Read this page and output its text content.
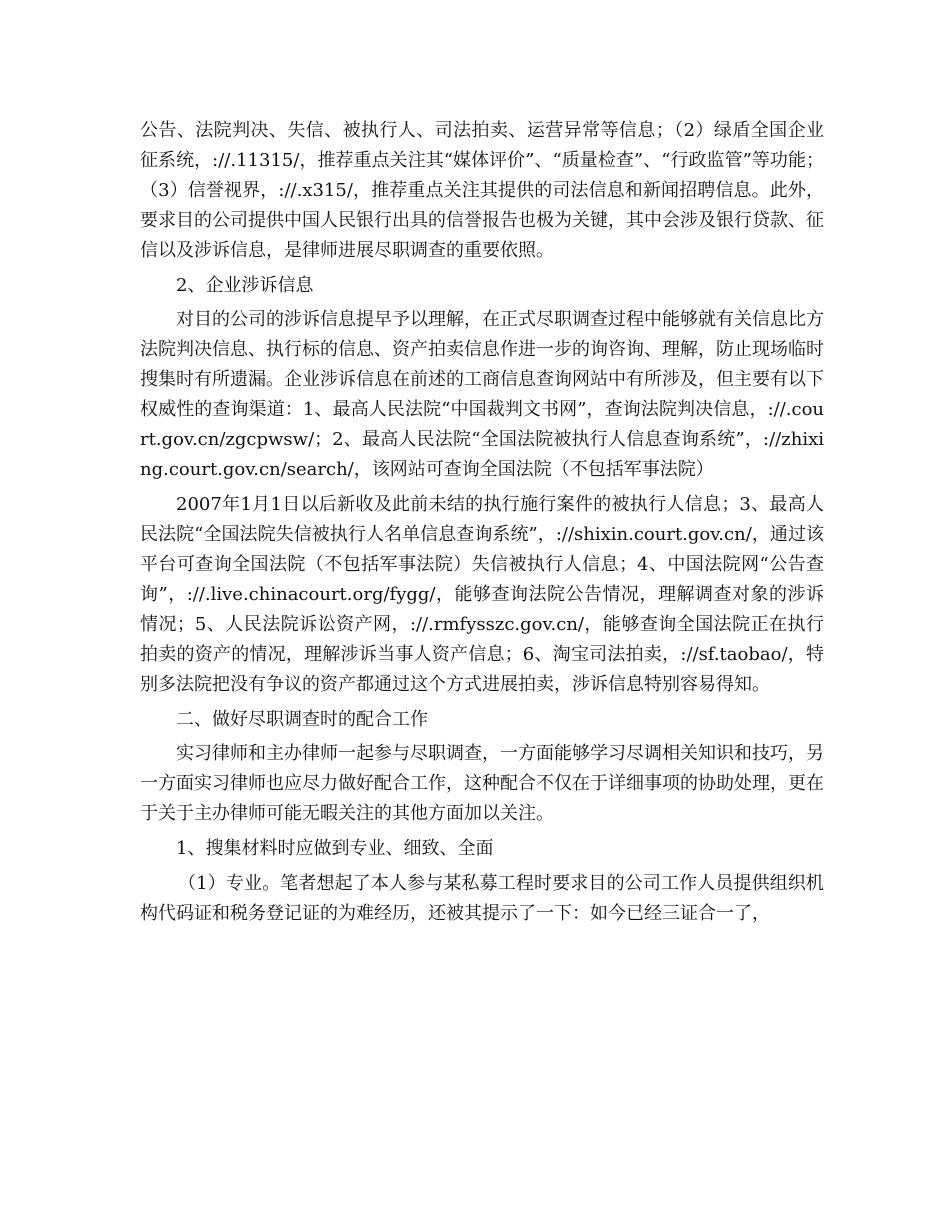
公告、法院判决、失信、被执行人、司法拍卖、运营异常等信息；（2）绿盾全国企业征系统，://.11315/，推荐重点关注其“媒体评价”、“质量检查”、“行政监管”等功能；（3）信誉视界，://.x315/，推荐重点关注其提供的司法信息和新闻招聘信息。此外，要求目的公司提供中国人民银行出具的信誉报告也极为关键，其中会涉及银行贷款、征信以及涉诉信息，是律师进展尽职调查的重要依照。

2、企业涉诉信息

对目的公司的涉诉信息提早予以理解，在正式尽职调查过程中能够就有关信息比方法院判决信息、执行标的信息、资产拍卖信息作进一步的询咨询、理解，防止现场临时搜集时有所遗漏。企业涉诉信息在前述的工商信息查询网站中有所涉及，但主要有以下权威性的查询渠道：1、最高人民法院“中国裁判文书网”，查询法院判决信息，://.court.gov.cn/zgcpwsw/；2、最高人民法院“全国法院被执行人信息查询系统”，://zhixing.court.gov.cn/search/，该网站可查询全国法院（不包括军事法院）

2007年1月1日以后新收及此前未结的执行施行案件的被执行人信息；3、最高人民法院“全国法院失信被执行人名单信息查询系统”，://shixin.court.gov.cn/，通过该平台可查询全国法院（不包括军事法院）失信被执行人信息；4、中国法院网“公告查询”，://.live.chinacourt.org/fygg/，能够查询法院公告情况，理解调查对象的涉诉情况；5、人民法院诉讼资产网，://.rmfysszc.gov.cn/，能够查询全国法院正在执行拍卖的资产的情况，理解涉诉当事人资产信息；6、淘宝司法拍卖，://sf.taobao/，特别多法院把没有争议的资产都通过这个方式进展拍卖，涉诉信息特别容易得知。

二、做好尽职调查时的配合工作

实习律师和主办律师一起参与尽职调查，一方面能够学习尽调相关知识和技巧，另一方面实习律师也应尽力做好配合工作，这种配合不仅在于详细事项的协助处理，更在于关于主办律师可能无暇关注的其他方面加以关注。

1、搜集材料时应做到专业、细致、全面

（1）专业。笔者想起了本人参与某私募工程时要求目的公司工作人员提供组织机构代码证和税务登记证的为难经历，还被其提示了一下：如今已经三证合一了，
